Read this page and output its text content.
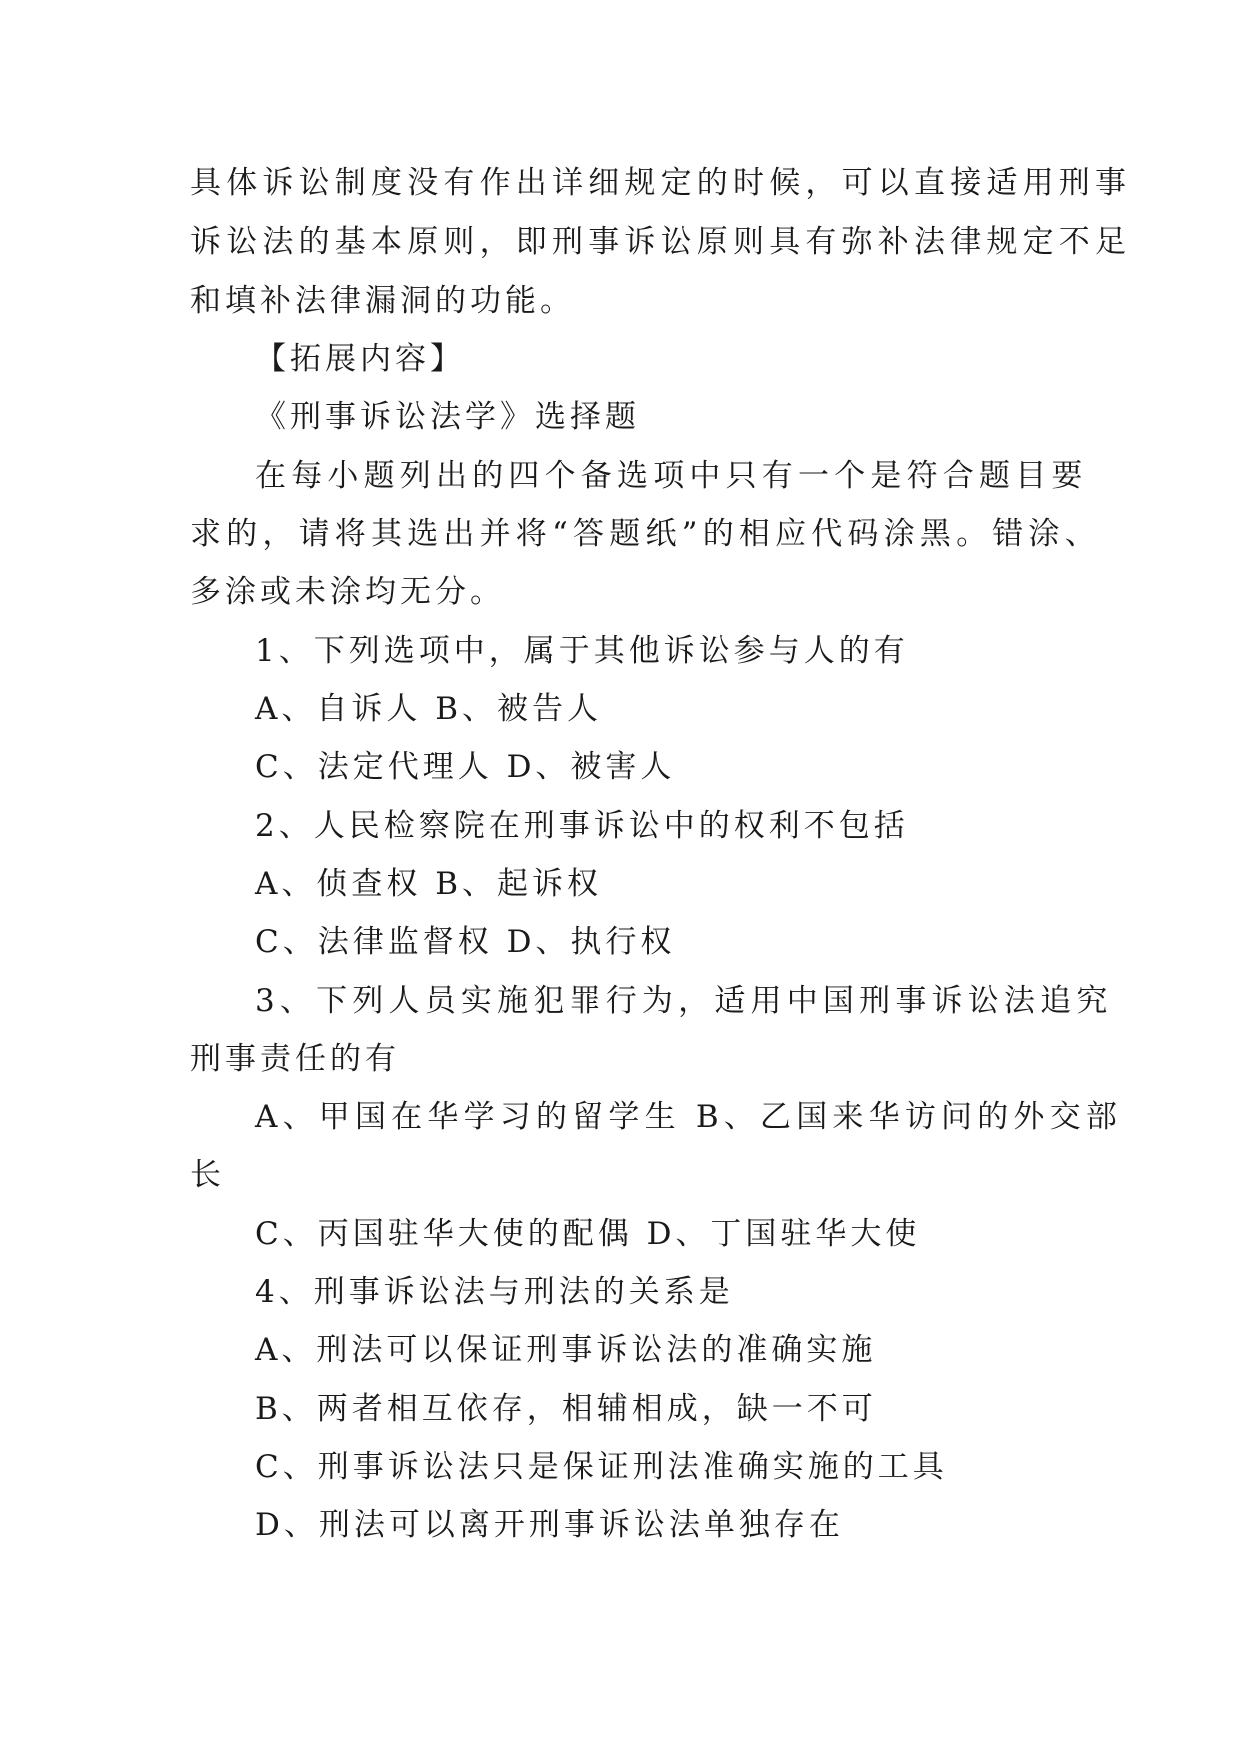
具体诉讼制度没有作出详细规定的时候，可以直接适用刑事
诉讼法的基本原则，即刑事诉讼原则具有弥补法律规定不足
和填补法律漏洞的功能。
【拓展内容】
《刑事诉讼法学》选择题
在每小题列出的四个备选项中只有一个是符合题目要
求的，请将其选出并将“答题纸”的相应代码涂黑。错涂、
多涂或未涂均无分。
1、下列选项中，属于其他诉讼参与人的有
A、自诉人 B、被告人
C、法定代理人 D、被害人
2、人民检察院在刑事诉讼中的权利不包括
A、侦查权 B、起诉权
C、法律监督权 D、执行权
3、下列人员实施犯罪行为，适用中国刑事诉讼法追究
刑事责任的有
A、甲国在华学习的留学生 B、乙国来华访问的外交部
长
C、丙国驻华大使的配偶 D、丁国驻华大使
4、刑事诉讼法与刑法的关系是
A、刑法可以保证刑事诉讼法的准确实施
B、两者相互依存，相辅相成，缺一不可
C、刑事诉讼法只是保证刑法准确实施的工具
D、刑法可以离开刑事诉讼法单独存在
